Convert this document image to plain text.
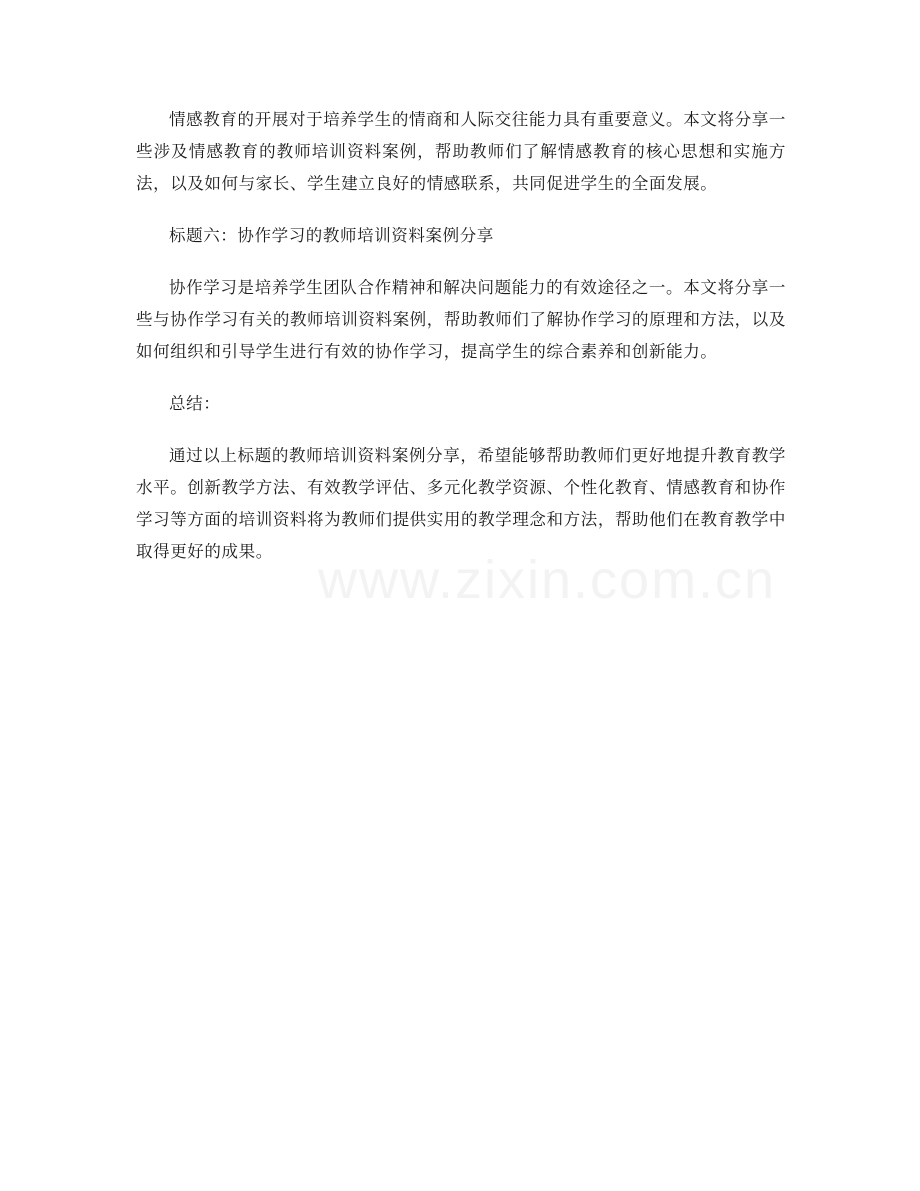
情感教育的开展对于培养学生的情商和人际交往能力具有重要意义。本文将分享一些涉及情感教育的教师培训资料案例，帮助教师们了解情感教育的核心思想和实施方法，以及如何与家长、学生建立良好的情感联系，共同促进学生的全面发展。

标题六：协作学习的教师培训资料案例分享

协作学习是培养学生团队合作精神和解决问题能力的有效途径之一。本文将分享一些与协作学习有关的教师培训资料案例，帮助教师们了解协作学习的原理和方法，以及如何组织和引导学生进行有效的协作学习，提高学生的综合素养和创新能力。

总结：

通过以上标题的教师培训资料案例分享，希望能够帮助教师们更好地提升教育教学水平。创新教学方法、有效教学评估、多元化教学资源、个性化教育、情感教育和协作学习等方面的培训资料将为教师们提供实用的教学理念和方法，帮助他们在教育教学中取得更好的成果。 www.zixin.com.cn
